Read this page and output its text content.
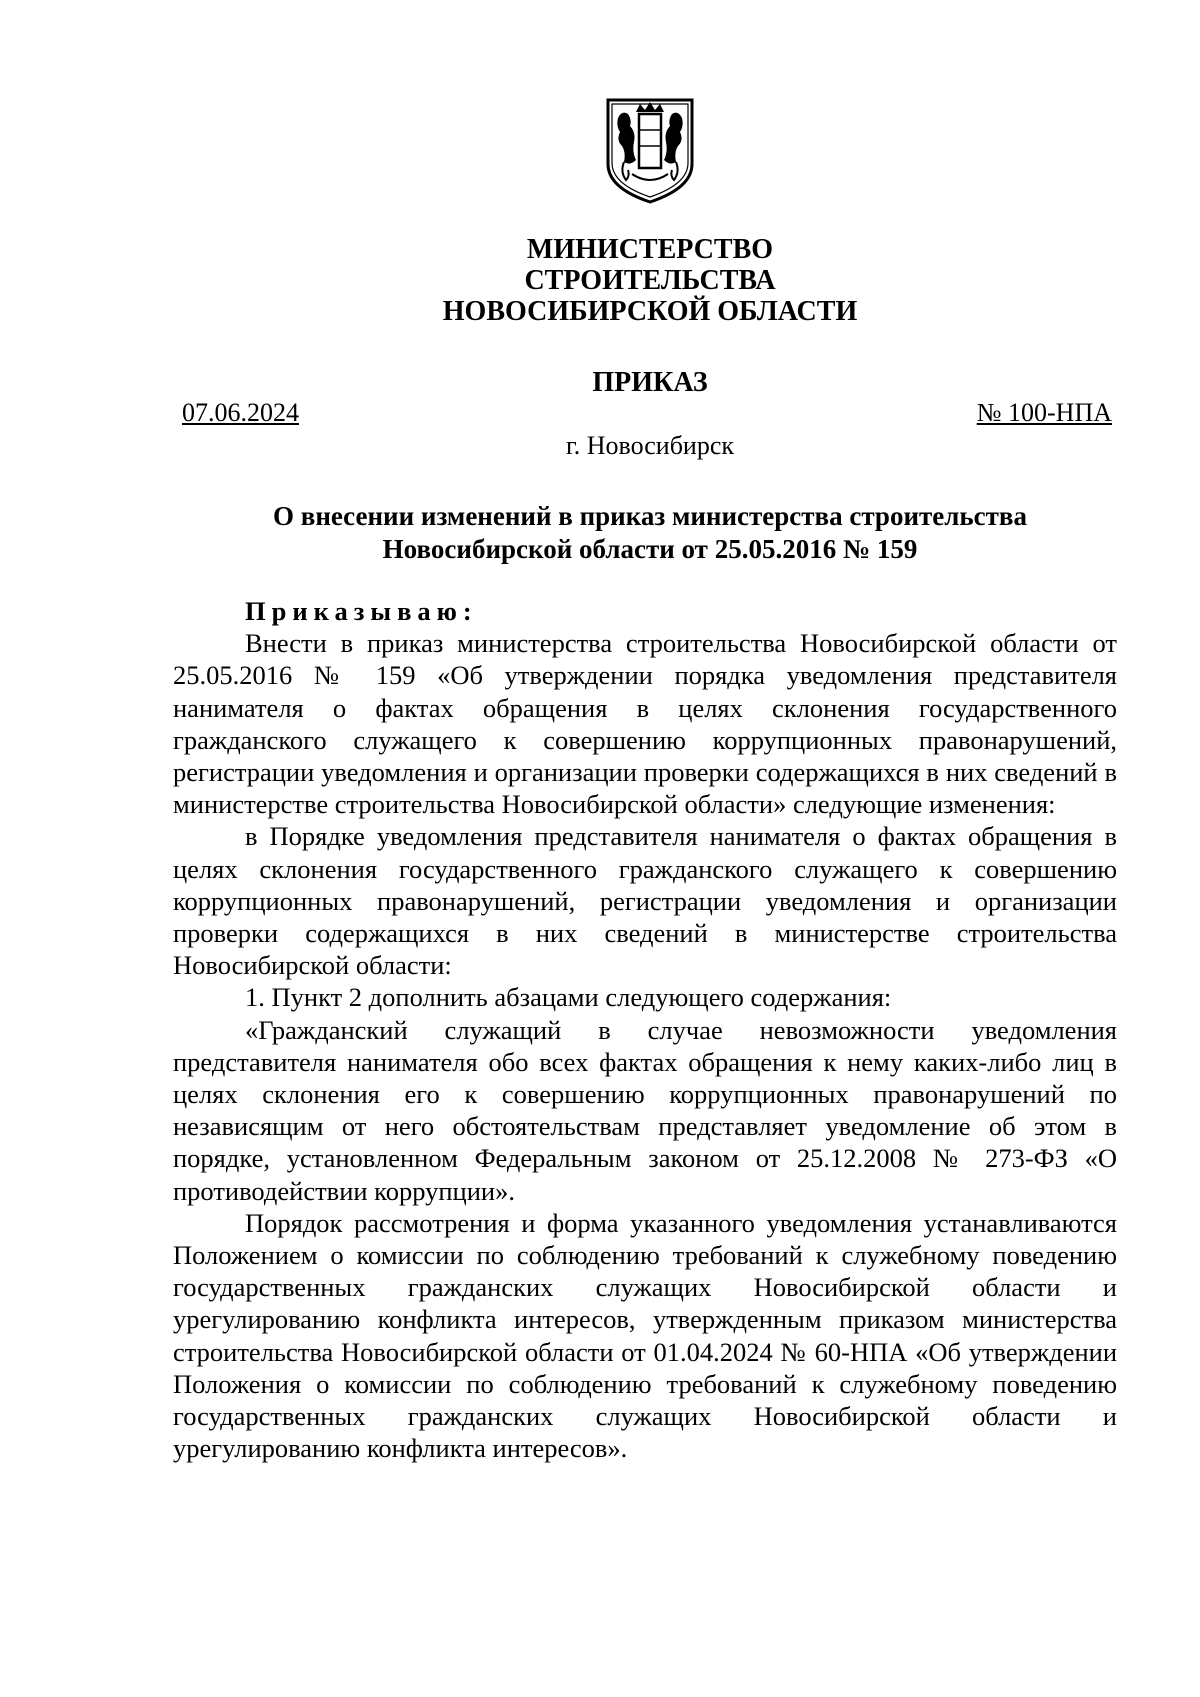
МИНИСТЕРСТВО
СТРОИТЕЛЬСТВА
НОВОСИБИРСКОЙ ОБЛАСТИ
ПРИКАЗ
07.06.2024	№ 100-НПА
г. Новосибирск
О внесении изменений в приказ министерства строительства
Новосибирской области от 25.05.2016 № 159
Приказываю:

Внести в приказ министерства строительства Новосибирской области от 25.05.2016 № 159 «Об утверждении порядка уведомления представителя нанимателя о фактах обращения в целях склонения государственного гражданского служащего к совершению коррупционных правонарушений, регистрации уведомления и организации проверки содержащихся в них сведений в министерстве строительства Новосибирской области» следующие изменения:

в Порядке уведомления представителя нанимателя о фактах обращения в целях склонения государственного гражданского служащего к совершению коррупционных правонарушений, регистрации уведомления и организации проверки содержащихся в них сведений в министерстве строительства Новосибирской области:

1. Пункт 2 дополнить абзацами следующего содержания:

«Гражданский служащий в случае невозможности уведомления представителя нанимателя обо всех фактах обращения к нему каких-либо лиц в целях склонения его к совершению коррупционных правонарушений по независящим от него обстоятельствам представляет уведомление об этом в порядке, установленном Федеральным законом от 25.12.2008 № 273-ФЗ «О противодействии коррупции».

Порядок рассмотрения и форма указанного уведомления устанавливаются Положением о комиссии по соблюдению требований к служебному поведению государственных гражданских служащих Новосибирской области и урегулированию конфликта интересов, утвержденным приказом министерства строительства Новосибирской области от 01.04.2024 № 60-НПА «Об утверждении Положения о комиссии по соблюдению требований к служебному поведению государственных гражданских служащих Новосибирской области и урегулированию конфликта интересов».
